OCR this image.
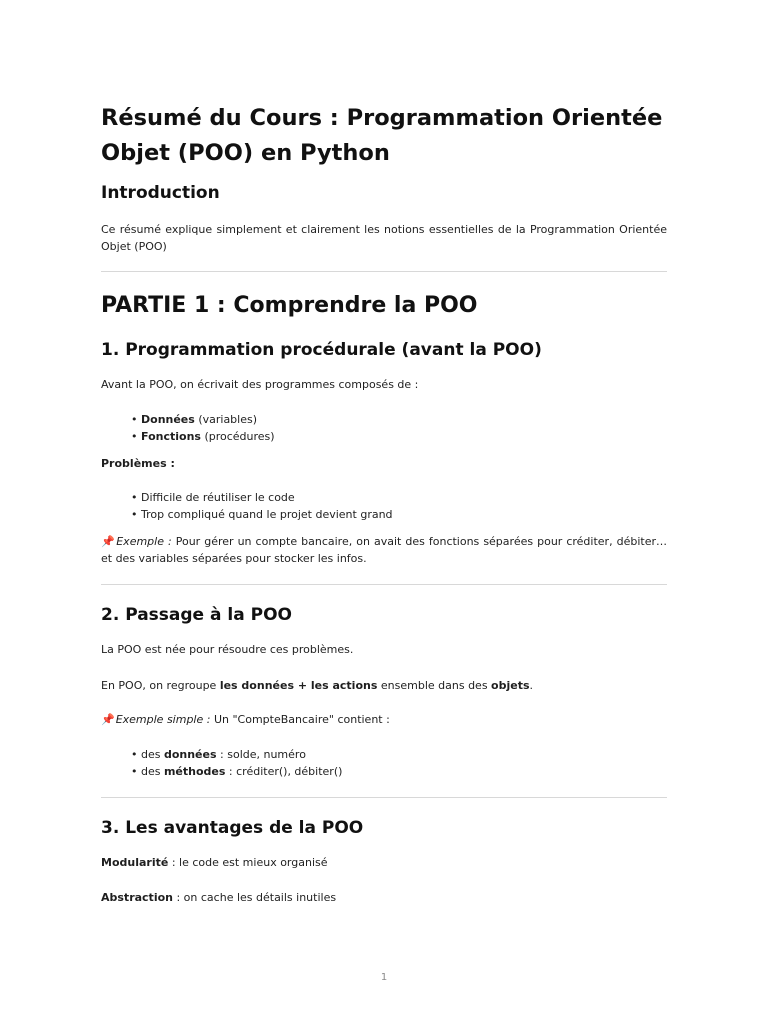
Résumé du Cours : Programmation Orientée Objet (POO) en Python
Introduction
Ce résumé explique simplement et clairement les notions essentielles de la Programmation Orientée Objet (POO)
PARTIE 1 : Comprendre la POO
1. Programmation procédurale (avant la POO)
Avant la POO, on écrivait des programmes composés de :
• Données (variables)
• Fonctions (procédures)
Problèmes :
• Difficile de réutiliser le code
• Trop compliqué quand le projet devient grand
📌Exemple : Pour gérer un compte bancaire, on avait des fonctions séparées pour créditer, débiter… et des variables séparées pour stocker les infos.
2. Passage à la POO
La POO est née pour résoudre ces problèmes.
En POO, on regroupe les données + les actions ensemble dans des objets.
📌Exemple simple : Un "CompteBancaire" contient :
• des données : solde, numéro
• des méthodes : créditer(), débiter()
3. Les avantages de la POO
Modularité : le code est mieux organisé
Abstraction : on cache les détails inutiles
1
